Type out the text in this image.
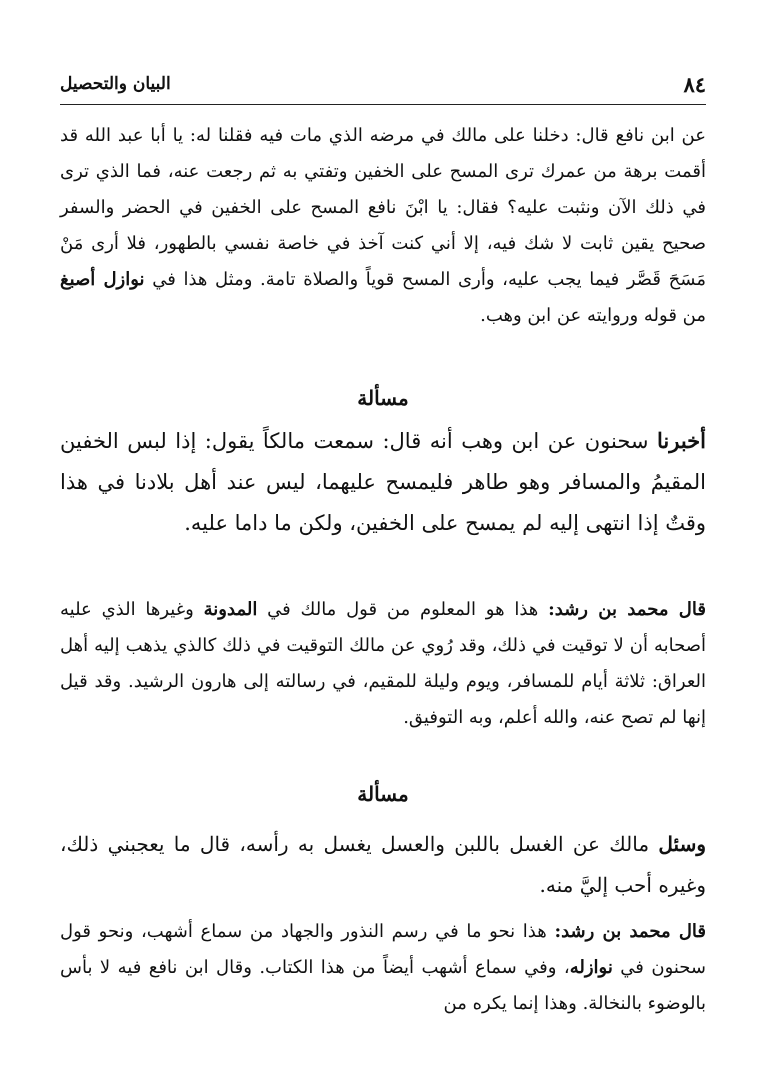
٨٤
البيان والتحصيل

عن ابن نافع قال: دخلنا على مالك في مرضه الذي مات فيه فقلنا له: يا أبا عبد الله قد أقمت برهة من عمرك ترى المسح على الخفين وتفتي به ثم رجعت عنه، فما الذي ترى في ذلك الآن ونثبت عليه؟ فقال: يا ابْنَ نافع المسح على الخفين في الحضر والسفر صحيح يقين ثابت لا شك فيه، إلا أني كنت آخذ في خاصة نفسي بالطهور، فلا أرى مَنْ مَسَحَ قَصَّر فيما يجب عليه، وأرى المسح قوياً والصلاة تامة. ومثل هذا في نوازل أصبغ من قوله وروايته عن ابن وهب.

مسألة

أخبرنا سحنون عن ابن وهب أنه قال: سمعت مالكاً يقول: إذا لبس الخفين المقيمُ والمسافر وهو طاهر فليمسح عليهما، ليس عند أهل بلادنا في هذا وقتٌ إذا انتهى إليه لم يمسح على الخفين، ولكن ما داما عليه.

قال محمد بن رشد: هذا هو المعلوم من قول مالك في المدونة وغيرها الذي عليه أصحابه أن لا توقيت في ذلك، وقد رُوي عن مالك التوقيت في ذلك كالذي يذهب إليه أهل العراق: ثلاثة أيام للمسافر، ويوم وليلة للمقيم، في رسالته إلى هارون الرشيد. وقد قيل إنها لم تصح عنه، والله أعلم، وبه التوفيق.

مسألة

وسئل مالك عن الغسل باللبن والعسل يغسل به رأسه، قال ما يعجبني ذلك، وغيره أحب إليَّ منه.

قال محمد بن رشد: هذا نحو ما في رسم النذور والجهاد من سماع أشهب، ونحو قول سحنون في نوازله، وفي سماع أشهب أيضاً من هذا الكتاب. وقال ابن نافع فيه لا بأس بالوضوء بالنخالة. وهذا إنما يكره من
